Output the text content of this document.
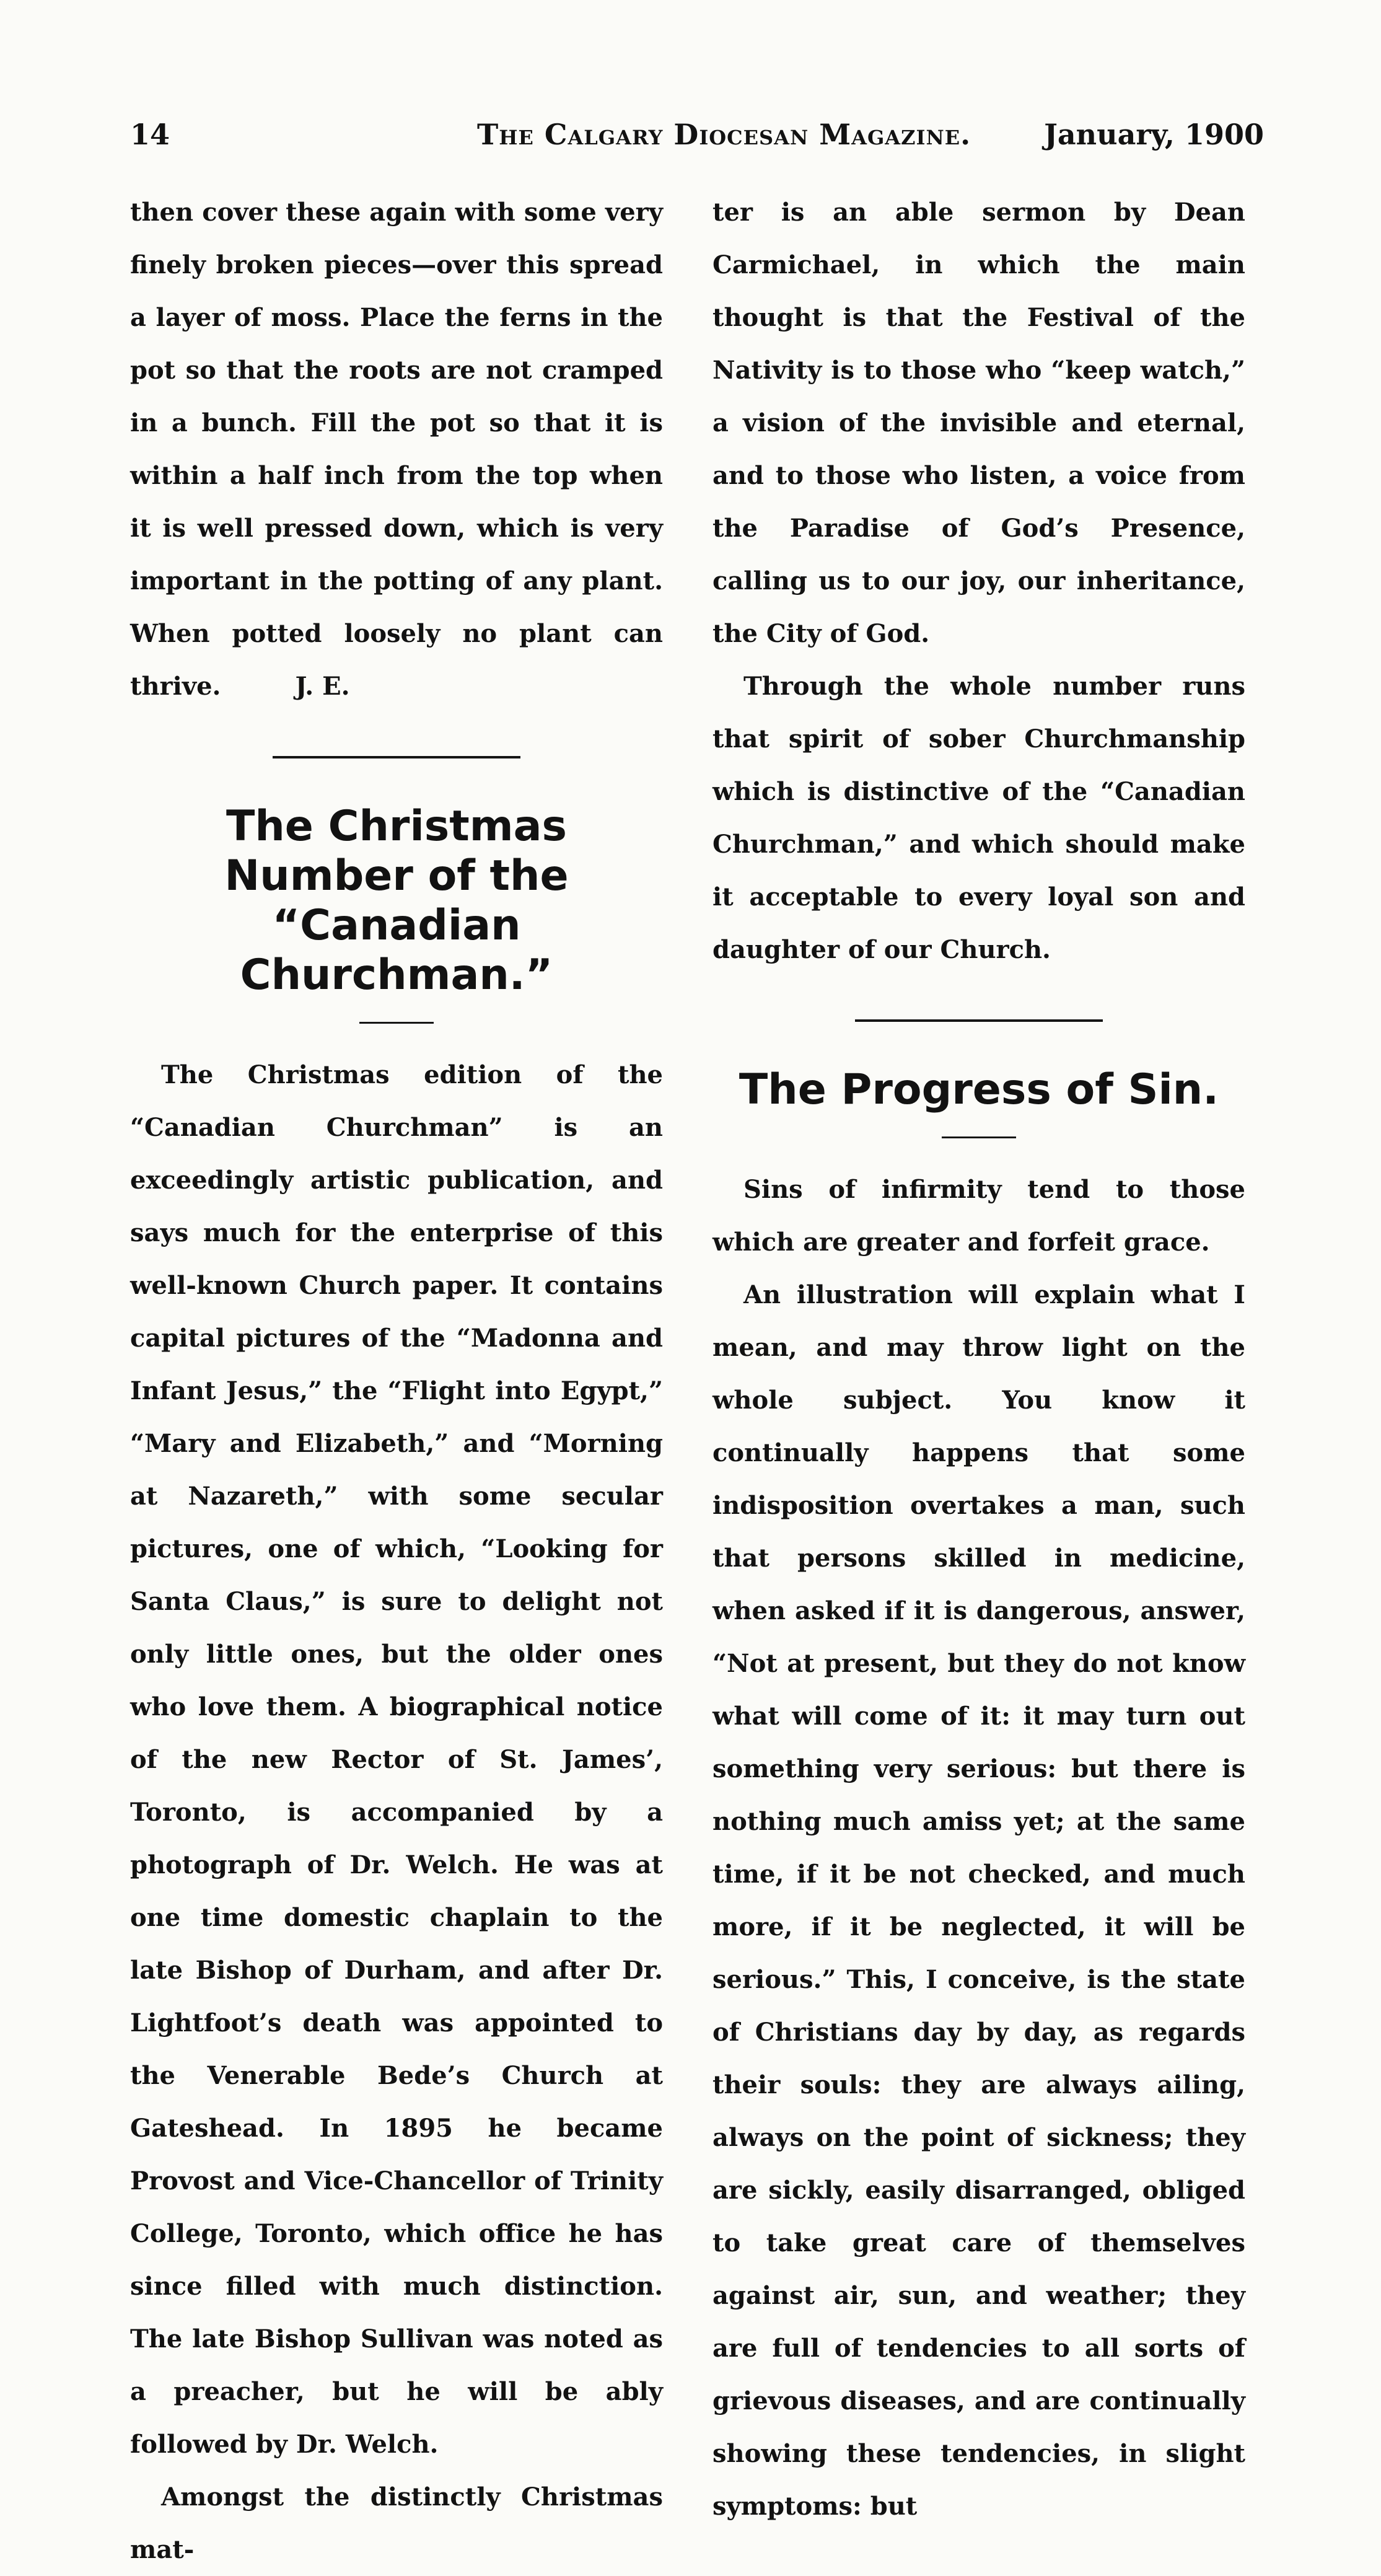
14	The Calgary Diocesan Magazine.	January, 1900

then cover these again with some very finely broken pieces—over this spread a layer of moss. Place the ferns in the pot so that the roots are not cramped in a bunch. Fill the pot so that it is within a half inch from the top when it is well pressed down, which is very important in the potting of any plant. When potted loosely no plant can thrive.	J. E.

The Christmas Number of the “Canadian Churchman.”

The Christmas edition of the “Canadian Churchman” is an exceedingly artistic publication, and says much for the enterprise of this well-known Church paper. It contains capital pictures of the “Madonna and Infant Jesus,” the “Flight into Egypt,” “Mary and Elizabeth,” and “Morning at Nazareth,” with some secular pictures, one of which, “Looking for Santa Claus,” is sure to delight not only little ones, but the older ones who love them. A biographical notice of the new Rector of St. James’, Toronto, is accompanied by a photograph of Dr. Welch. He was at one time domestic chaplain to the late Bishop of Durham, and after Dr. Lightfoot’s death was appointed to the Venerable Bede’s Church at Gateshead. In 1895 he became Provost and Vice-Chancellor of Trinity College, Toronto, which office he has since filled with much distinction. The late Bishop Sullivan was noted as a preacher, but he will be ably followed by Dr. Welch.

Amongst the distinctly Christmas mat-

ter is an able sermon by Dean Carmichael, in which the main thought is that the Festival of the Nativity is to those who “keep watch,” a vision of the invisible and eternal, and to those who listen, a voice from the Paradise of God’s Presence, calling us to our joy, our inheritance, the City of God.

Through the whole number runs that spirit of sober Churchmanship which is distinctive of the “Canadian Churchman,” and which should make it acceptable to every loyal son and daughter of our Church.

The Progress of Sin.

Sins of infirmity tend to those which are greater and forfeit grace.

An illustration will explain what I mean, and may throw light on the whole subject. You know it continually happens that some indisposition overtakes a man, such that persons skilled in medicine, when asked if it is dangerous, answer, “Not at present, but they do not know what will come of it: it may turn out something very serious: but there is nothing much amiss yet; at the same time, if it be not checked, and much more, if it be neglected, it will be serious.” This, I conceive, is the state of Christians day by day, as regards their souls: they are always ailing, always on the point of sickness; they are sickly, easily disarranged, obliged to take great care of themselves against air, sun, and weather; they are full of tendencies to all sorts of grievous diseases, and are continually showing these tendencies, in slight symptoms: but
